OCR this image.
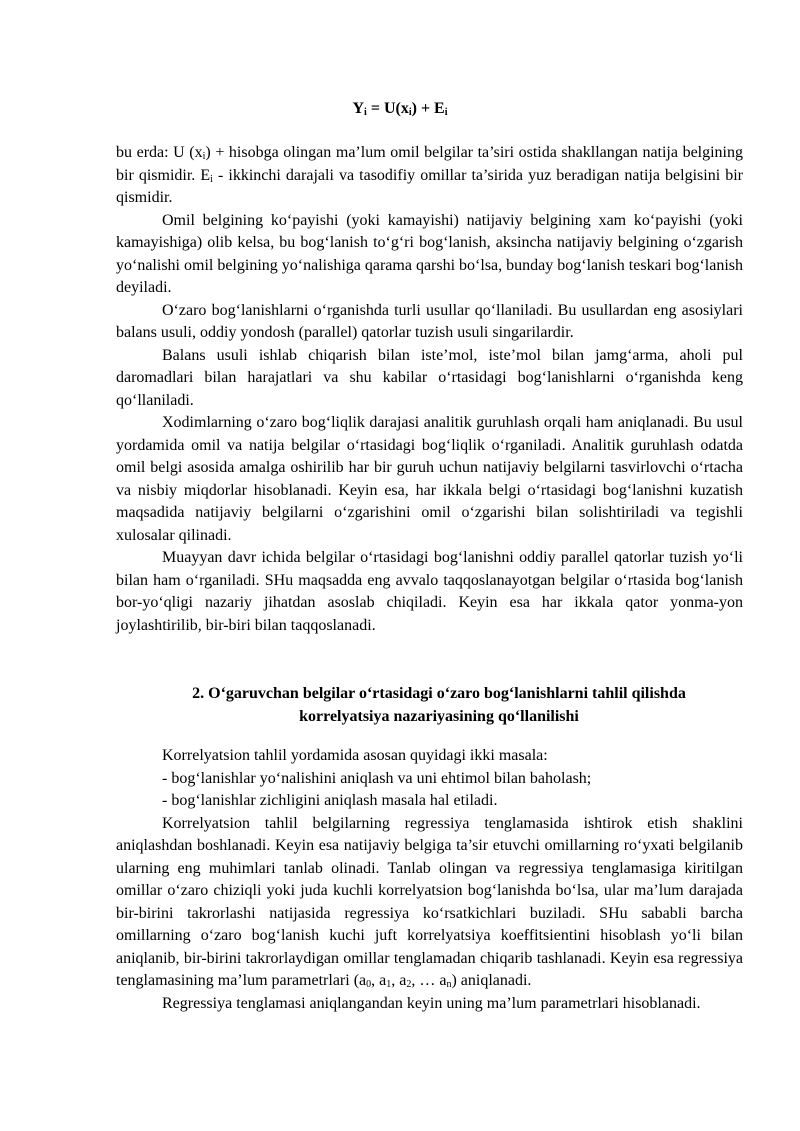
$Y_i = U(x_i) + E_i$

bu erda: U $(x_i)$ + hisobga olingan ma’lum omil belgilar ta’siri ostida shakllangan natija belgining bir qismidir. $E_i$ - ikkinchi darajali va tasodifiy omillar ta’sirida yuz beradigan natija belgisini bir qismidir.

Omil belgining ko‘payishi (yoki kamayishi) natijaviy belgining xam ko‘payishi (yoki kamayishiga) olib kelsa, bu bog‘lanish to‘g‘ri bog‘lanish, aksincha natijaviy belgining o‘zgarish yo‘nalishi omil belgining yo‘nalishiga qarama qarshi bo‘lsa, bunday bog‘lanish teskari bog‘lanish deyiladi.

O‘zaro bog‘lanishlarni o‘rganishda turli usullar qo‘llaniladi. Bu usullardan eng asosiylari balans usuli, oddiy yondosh (parallel) qatorlar tuzish usuli singarilardir.

Balans usuli ishlab chiqarish bilan iste’mol, iste’mol bilan jamg‘arma, aholi pul daromadlari bilan harajatlari va shu kabilar o‘rtasidagi bog‘lanishlarni o‘rganishda keng qo‘llaniladi.

Xodimlarning o‘zaro bog‘liqlik darajasi analitik guruhlash orqali ham aniqlanadi. Bu usul yordamida omil va natija belgilar o‘rtasidagi bog‘liqlik o‘rganiladi. Analitik guruhlash odatda omil belgi asosida amalga oshirilib har bir guruh uchun natijaviy belgilarni tasvirlovchi o‘rtacha va nisbiy miqdorlar hisoblanadi. Keyin esa, har ikkala belgi o‘rtasidagi bog‘lanishni kuzatish maqsadida natijaviy belgilarni o‘zgarishini omil o‘zgarishi bilan solishtiriladi va tegishli xulosalar qilinadi.

Muayyan davr ichida belgilar o‘rtasidagi bog‘lanishni oddiy parallel qatorlar tuzish yo‘li bilan ham o‘rganiladi. SHu maqsadda eng avvalo taqqoslanayotgan belgilar o‘rtasida bog‘lanish bor-yo‘qligi nazariy jihatdan asoslab chiqiladi. Keyin esa har ikkala qator yonma-yon joylashtirilib, bir-biri bilan taqqoslanadi.

2. O‘garuvchan belgilar o‘rtasidagi o‘zaro bog‘lanishlarni tahlil qilishda
korrelyatsiya nazariyasining qo‘llanilishi

Korrelyatsion tahlil yordamida asosan quyidagi ikki masala:

- bog‘lanishlar yo‘nalishini aniqlash va uni ehtimol bilan baholash;

- bog‘lanishlar zichligini aniqlash masala hal etiladi.

Korrelyatsion tahlil belgilarning regressiya tenglamasida ishtirok etish shaklini aniqlashdan boshlanadi. Keyin esa natijaviy belgiga ta’sir etuvchi omillarning ro‘yxati belgilanib ularning eng muhimlari tanlab olinadi. Tanlab olingan va regressiya tenglamasiga kiritilgan omillar o‘zaro chiziqli yoki juda kuchli korrelyatsion bog‘lanishda bo‘lsa, ular ma’lum darajada bir-birini takrorlashi natijasida regressiya ko‘rsatkichlari buziladi. SHu sababli barcha omillarning o‘zaro bog‘lanish kuchi juft korrelyatsiya koeffitsientini hisoblash yo‘li bilan aniqlanib, bir-birini takrorlaydigan omillar tenglamadan chiqarib tashlanadi. Keyin esa regressiya tenglamasining ma’lum parametrlari ($a_0$, $a_1$, $a_2$, … $a_n$) aniqlanadi.

Regressiya tenglamasi aniqlangandan keyin uning ma’lum parametrlari hisoblanadi.
